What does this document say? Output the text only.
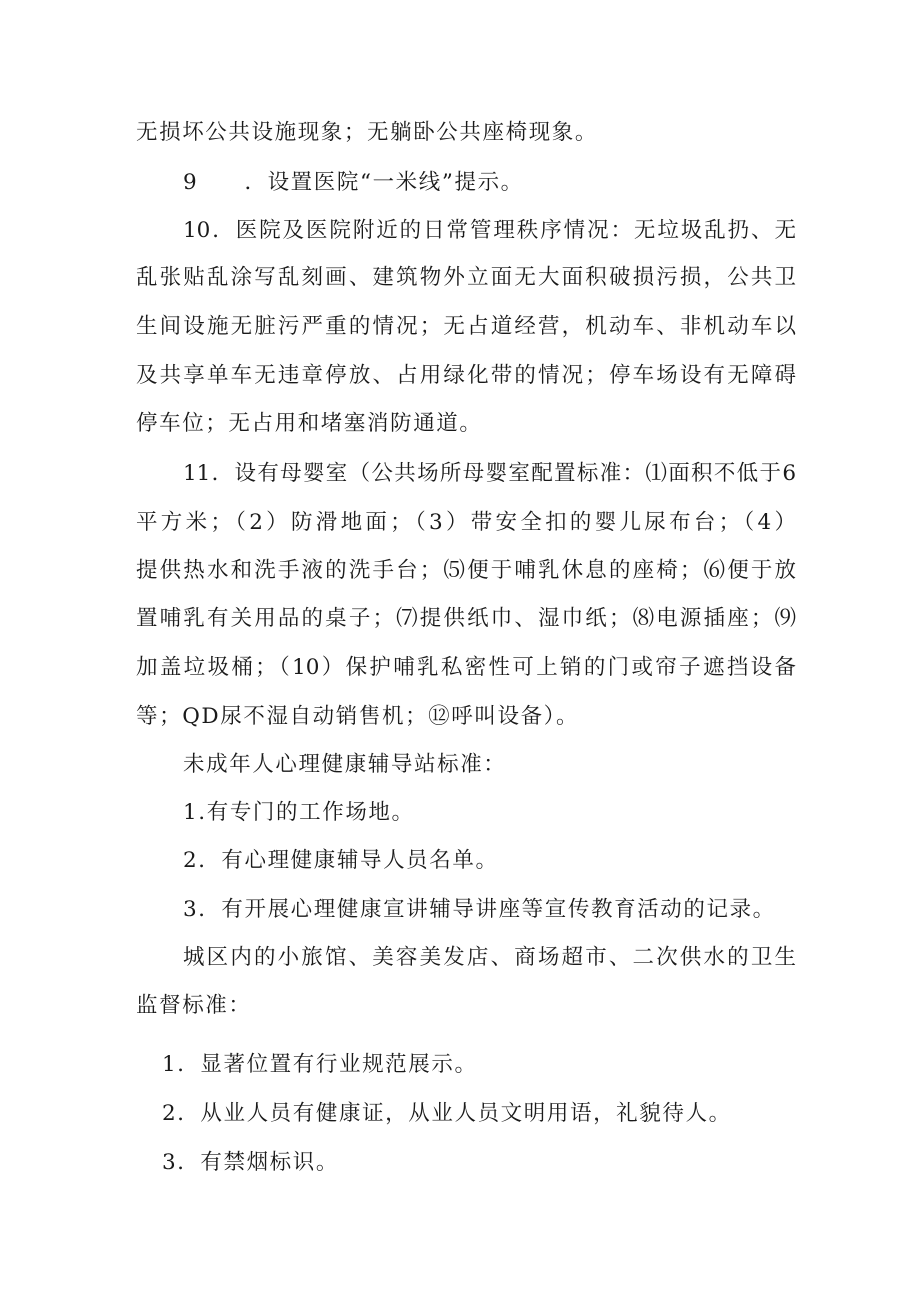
无损坏公共设施现象；无躺卧公共座椅现象。
9　　．设置医院“一米线”提示。
10．医院及医院附近的日常管理秩序情况：无垃圾乱扔、无
乱张贴乱涂写乱刻画、建筑物外立面无大面积破损污损，公共卫
生间设施无脏污严重的情况；无占道经营，机动车、非机动车以
及共享单车无违章停放、占用绿化带的情况；停车场设有无障碍
停车位；无占用和堵塞消防通道。
11．设有母婴室（公共场所母婴室配置标准：⑴面积不低于6
平方米；（2）防滑地面；（3）带安全扣的婴儿尿布台；（4）
提供热水和洗手液的洗手台；⑸便于哺乳休息的座椅；⑹便于放
置哺乳有关用品的桌子；⑺提供纸巾、湿巾纸；⑻电源插座；⑼
加盖垃圾桶；（10）保护哺乳私密性可上销的门或帘子遮挡设备
等；QD尿不湿自动销售机；⑫呼叫设备）。
未成年人心理健康辅导站标准：
1.有专门的工作场地。
2．有心理健康辅导人员名单。
3．有开展心理健康宣讲辅导讲座等宣传教育活动的记录。
城区内的小旅馆、美容美发店、商场超市、二次供水的卫生
监督标准：
1．显著位置有行业规范展示。
2．从业人员有健康证，从业人员文明用语，礼貌待人。
3．有禁烟标识。
